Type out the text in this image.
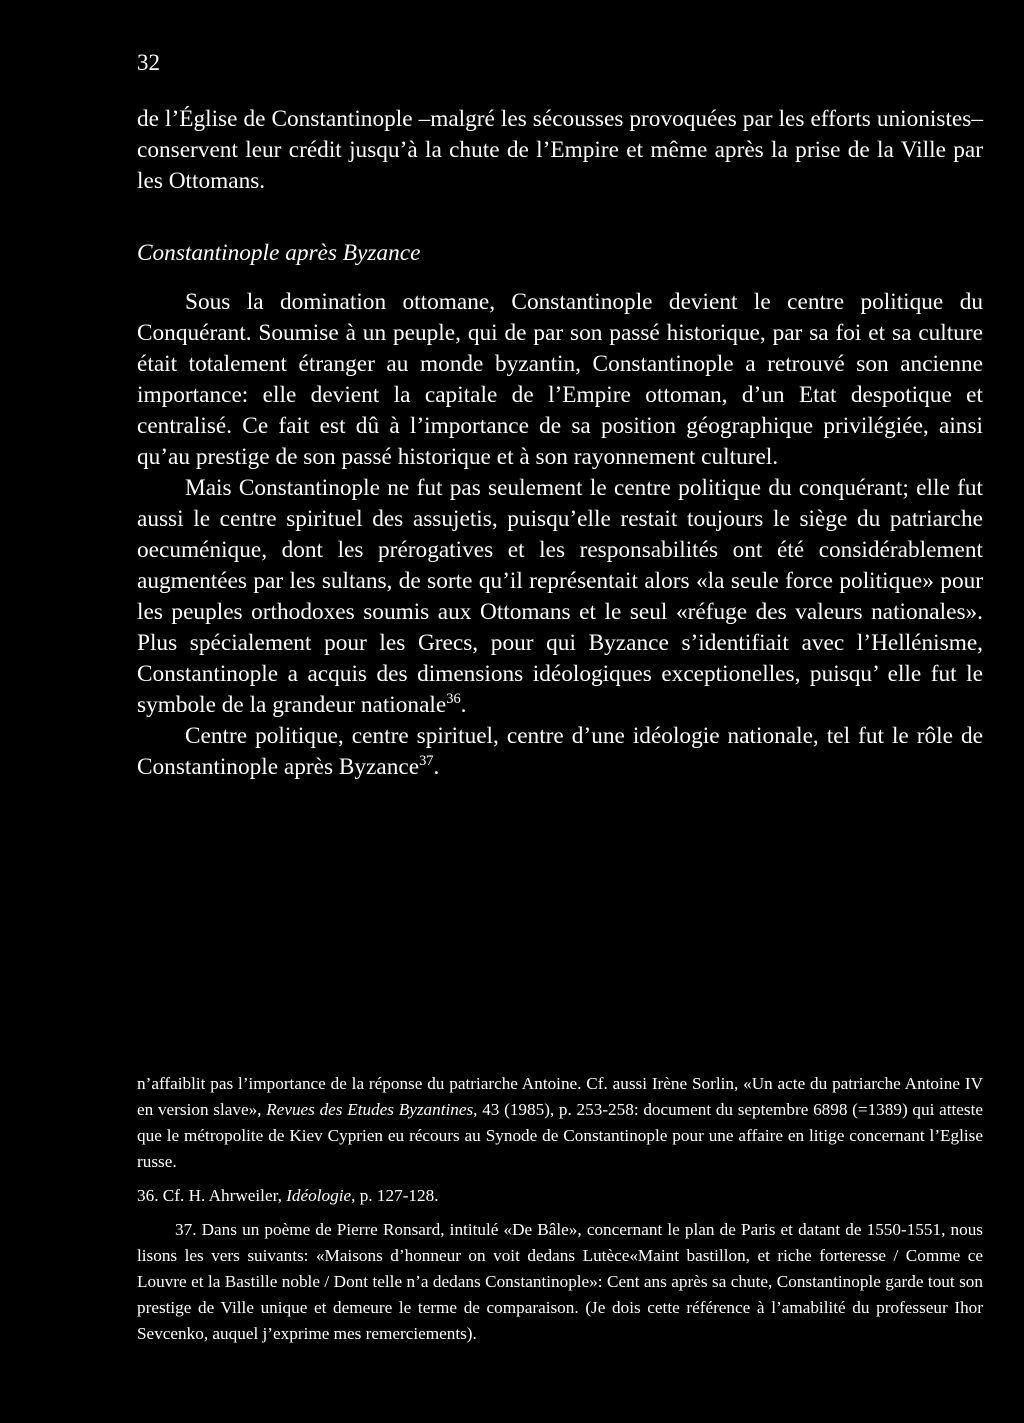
32

de l’Église de Constantinople –malgré les sécousses provoquées par les efforts unionistes– conservent leur crédit jusqu’à la chute de l’Empire et même après la prise de la Ville par les Ottomans.

Constantinople après Byzance

Sous la domination ottomane, Constantinople devient le centre politique du Conquérant. Soumise à un peuple, qui de par son passé historique, par sa foi et sa culture était totalement étranger au monde byzantin, Constantinople a retrouvé son ancienne importance: elle devient la capitale de l’Empire ottoman, d’un Etat despotique et centralisé. Ce fait est dû à l’importance de sa position géographique privilégiée, ainsi qu’au prestige de son passé historique et à son rayonnement culturel.

Mais Constantinople ne fut pas seulement le centre politique du conquérant; elle fut aussi le centre spirituel des assujetis, puisqu’elle restait toujours le siège du patriarche oecuménique, dont les prérogatives et les responsabilités ont été considérablement augmentées par les sultans, de sorte qu’il représentait alors «la seule force politique» pour les peuples orthodoxes soumis aux Ottomans et le seul «réfuge des valeurs nationales». Plus spécialement pour les Grecs, pour qui Byzance s’identifiait avec l’Hellénisme, Constantinople a acquis des dimensions idéologiques exceptionelles, puisqu’ elle fut le symbole de la grandeur nationale$^{36}$.

Centre politique, centre spirituel, centre d’une idéologie nationale, tel fut le rôle de Constantinople après Byzance$^{37}$.

n’affaiblit pas l’importance de la réponse du patriarche Antoine. Cf. aussi Irène Sorlin, «Un acte du patriarche Antoine IV en version slave», Revues des Etudes Byzantines, 43 (1985), p. 253-258: document du septembre 6898 (=1389) qui atteste que le métropolite de Kiev Cyprien eu récours au Synode de Constantinople pour une affaire en litige concernant l’Eglise russe.

36. Cf. H. Ahrweiler, Idéologie, p. 127-128.

37. Dans un poème de Pierre Ronsard, intitulé «De Bâle», concernant le plan de Paris et datant de 1550-1551, nous lisons les vers suivants: «Maisons d’honneur on voit dedans Lutèce«Maint bastillon, et riche forteresse / Comme ce Louvre et la Bastille noble / Dont telle n’a dedans Constantinople»: Cent ans après sa chute, Constantinople garde tout son prestige de Ville unique et demeure le terme de comparaison. (Je dois cette référence à l’amabilité du professeur Ihor Sevcenko, auquel j’exprime mes remerciements).
